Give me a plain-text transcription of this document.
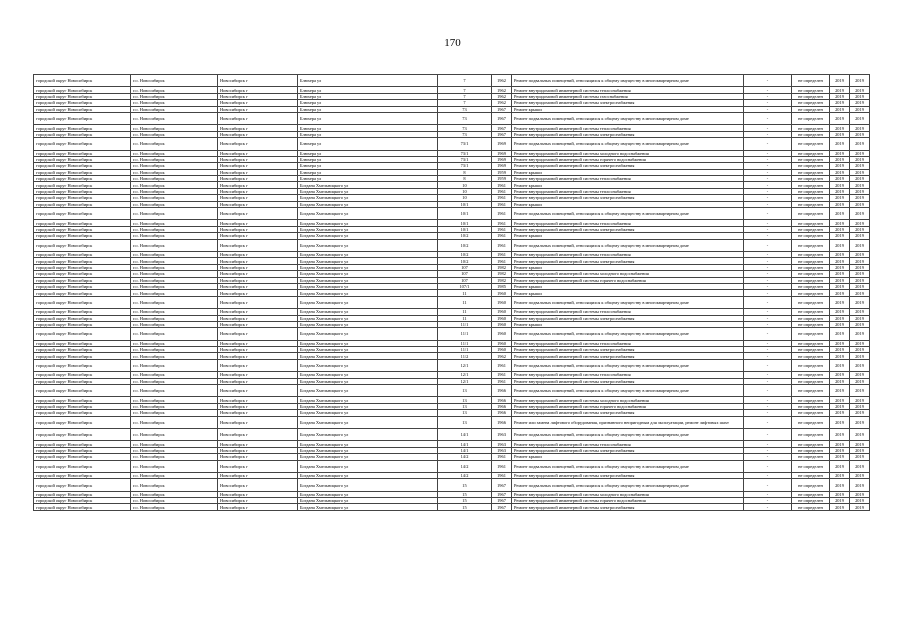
170
городской округ Новосибирск	г.о. Новосибирск	Новосибирск г	Блюхера ул	7	1962	Ремонт подвальных помещений, относящихся к общему имуществу в многоквартирном доме	-	не определен	2019	2019
городской округ Новосибирск	г.о. Новосибирск	Новосибирск г	Блюхера ул	7	1962	Ремонт внутридомовой инженерной системы теплоснабжения	-	не определен	2019	2019
городской округ Новосибирск	г.о. Новосибирск	Новосибирск г	Блюхера ул	7	1962	Ремонт внутридомовой инженерной системы газоснабжения	-	не определен	2019	2019
городской округ Новосибирск	г.о. Новосибирск	Новосибирск г	Блюхера ул	7	1962	Ремонт внутридомовой инженерной системы электроснабжения	-	не определен	2019	2019
городской округ Новосибирск	г.о. Новосибирск	Новосибирск г	Блюхера ул	73	1967	Ремонт крыши	-	не определен	2019	2019
городской округ Новосибирск	г.о. Новосибирск	Новосибирск г	Блюхера ул	73	1967	Ремонт подвальных помещений, относящихся к общему имуществу в многоквартирном доме	-	не определен	2019	2019
городской округ Новосибирск	г.о. Новосибирск	Новосибирск г	Блюхера ул	73	1967	Ремонт внутридомовой инженерной системы теплоснабжения	-	не определен	2019	2019
городской округ Новосибирск	г.о. Новосибирск	Новосибирск г	Блюхера ул	73	1967	Ремонт внутридомовой инженерной системы электроснабжения	-	не определен	2019	2019
городской округ Новосибирск	г.о. Новосибирск	Новосибирск г	Блюхера ул	73/1	1969	Ремонт подвальных помещений, относящихся к общему имуществу в многоквартирном доме	-	не определен	2019	2019
городской округ Новосибирск	г.о. Новосибирск	Новосибирск г	Блюхера ул	73/1	1969	Ремонт внутридомовой инженерной системы холодного водоснабжения	-	не определен	2019	2019
городской округ Новосибирск	г.о. Новосибирск	Новосибирск г	Блюхера ул	73/1	1969	Ремонт внутридомовой инженерной системы горячего водоснабжения	-	не определен	2019	2019
городской округ Новосибирск	г.о. Новосибирск	Новосибирск г	Блюхера ул	73/1	1969	Ремонт внутридомовой инженерной системы электроснабжения	-	не определен	2019	2019
городской округ Новосибирск	г.о. Новосибирск	Новосибирск г	Блюхера ул	8	1959	Ремонт крыши	-	не определен	2019	2019
городской округ Новосибирск	г.о. Новосибирск	Новосибирск г	Блюхера ул	8	1959	Ремонт внутридомовой инженерной системы теплоснабжения	-	не определен	2019	2019
городской округ Новосибирск	г.о. Новосибирск	Новосибирск г	Богдана Хмельницкого ул	10	1961	Ремонт крыши	-	не определен	2019	2019
городской округ Новосибирск	г.о. Новосибирск	Новосибирск г	Богдана Хмельницкого ул	10	1961	Ремонт внутридомовой инженерной системы теплоснабжения	-	не определен	2019	2019
городской округ Новосибирск	г.о. Новосибирск	Новосибирск г	Богдана Хмельницкого ул	10	1961	Ремонт внутридомовой инженерной системы электроснабжения	-	не определен	2019	2019
городской округ Новосибирск	г.о. Новосибирск	Новосибирск г	Богдана Хмельницкого ул	10/1	1961	Ремонт крыши	-	не определен	2019	2019
городской округ Новосибирск	г.о. Новосибирск	Новосибирск г	Богдана Хмельницкого ул	10/1	1961	Ремонт подвальных помещений, относящихся к общему имуществу в многоквартирном доме	-	не определен	2019	2019
городской округ Новосибирск	г.о. Новосибирск	Новосибирск г	Богдана Хмельницкого ул	10/1	1961	Ремонт внутридомовой инженерной системы теплоснабжения	-	не определен	2019	2019
городской округ Новосибирск	г.о. Новосибирск	Новосибирск г	Богдана Хмельницкого ул	10/1	1961	Ремонт внутридомовой инженерной системы электроснабжения	-	не определен	2019	2019
городской округ Новосибирск	г.о. Новосибирск	Новосибирск г	Богдана Хмельницкого ул	10/2	1961	Ремонт крыши	-	не определен	2019	2019
городской округ Новосибирск	г.о. Новосибирск	Новосибирск г	Богдана Хмельницкого ул	10/2	1961	Ремонт подвальных помещений, относящихся к общему имуществу в многоквартирном доме	-	не определен	2019	2019
городской округ Новосибирск	г.о. Новосибирск	Новосибирск г	Богдана Хмельницкого ул	10/2	1961	Ремонт внутридомовой инженерной системы теплоснабжения	-	не определен	2019	2019
городской округ Новосибирск	г.о. Новосибирск	Новосибирск г	Богдана Хмельницкого ул	10/2	1961	Ремонт внутридомовой инженерной системы электроснабжения	-	не определен	2019	2019
городской округ Новосибирск	г.о. Новосибирск	Новосибирск г	Богдана Хмельницкого ул	107	1982	Ремонт крыши	-	не определен	2019	2019
городской округ Новосибирск	г.о. Новосибирск	Новосибирск г	Богдана Хмельницкого ул	107	1982	Ремонт внутридомовой инженерной системы холодного водоснабжения	-	не определен	2019	2019
городской округ Новосибирск	г.о. Новосибирск	Новосибирск г	Богдана Хмельницкого ул	107	1982	Ремонт внутридомовой инженерной системы горячего водоснабжения	-	не определен	2019	2019
городской округ Новосибирск	г.о. Новосибирск	Новосибирск г	Богдана Хмельницкого ул	107/1	1985	Ремонт крыши	-	не определен	2019	2019
городской округ Новосибирск	г.о. Новосибирск	Новосибирск г	Богдана Хмельницкого ул	11	1960	Ремонт крыши	-	не определен	2019	2019
городской округ Новосибирск	г.о. Новосибирск	Новосибирск г	Богдана Хмельницкого ул	11	1960	Ремонт подвальных помещений, относящихся к общему имуществу в многоквартирном доме	-	не определен	2019	2019
городской округ Новосибирск	г.о. Новосибирск	Новосибирск г	Богдана Хмельницкого ул	11	1960	Ремонт внутридомовой инженерной системы теплоснабжения	-	не определен	2019	2019
городской округ Новосибирск	г.о. Новосибирск	Новосибирск г	Богдана Хмельницкого ул	11	1960	Ремонт внутридомовой инженерной системы электроснабжения	-	не определен	2019	2019
городской округ Новосибирск	г.о. Новосибирск	Новосибирск г	Богдана Хмельницкого ул	11/1	1960	Ремонт крыши	-	не определен	2019	2019
городской округ Новосибирск	г.о. Новосибирск	Новосибирск г	Богдана Хмельницкого ул	11/1	1960	Ремонт подвальных помещений, относящихся к общему имуществу в многоквартирном доме	-	не определен	2019	2019
городской округ Новосибирск	г.о. Новосибирск	Новосибирск г	Богдана Хмельницкого ул	11/1	1960	Ремонт внутридомовой инженерной системы теплоснабжения	-	не определен	2019	2019
городской округ Новосибирск	г.о. Новосибирск	Новосибирск г	Богдана Хмельницкого ул	11/1	1960	Ремонт внутридомовой инженерной системы электроснабжения	-	не определен	2019	2019
городской округ Новосибирск	г.о. Новосибирск	Новосибирск г	Богдана Хмельницкого ул	11/2	1962	Ремонт внутридомовой инженерной системы электроснабжения	-	не определен	2019	2019
городской округ Новосибирск	г.о. Новосибирск	Новосибирск г	Богдана Хмельницкого ул	12/1	1961	Ремонт подвальных помещений, относящихся к общему имуществу в многоквартирном доме	-	не определен	2019	2019
городской округ Новосибирск	г.о. Новосибирск	Новосибирск г	Богдана Хмельницкого ул	12/1	1961	Ремонт внутридомовой инженерной системы теплоснабжения	-	не определен	2019	2019
городской округ Новосибирск	г.о. Новосибирск	Новосибирск г	Богдана Хмельницкого ул	12/1	1961	Ремонт внутридомовой инженерной системы электроснабжения	-	не определен	2019	2019
городской округ Новосибирск	г.о. Новосибирск	Новосибирск г	Богдана Хмельницкого ул	13	1966	Ремонт подвальных помещений, относящихся к общему имуществу в многоквартирном доме	-	не определен	2019	2019
городской округ Новосибирск	г.о. Новосибирск	Новосибирск г	Богдана Хмельницкого ул	13	1966	Ремонт внутридомовой инженерной системы холодного водоснабжения	-	не определен	2019	2019
городской округ Новосибирск	г.о. Новосибирск	Новосибирск г	Богдана Хмельницкого ул	13	1966	Ремонт внутридомовой инженерной системы горячего водоснабжения	-	не определен	2019	2019
городской округ Новосибирск	г.о. Новосибирск	Новосибирск г	Богдана Хмельницкого ул	13	1966	Ремонт внутридомовой инженерной системы электроснабжения	-	не определен	2019	2019
городской округ Новосибирск	г.о. Новосибирск	Новосибирск г	Богдана Хмельницкого ул	13	1966	Ремонт или замена лифтового оборудования, признанного непригодным для эксплуатации, ремонт лифтовых шахт	-	не определен	2019	2019
городской округ Новосибирск	г.о. Новосибирск	Новосибирск г	Богдана Хмельницкого ул	14/1	1963	Ремонт подвальных помещений, относящихся к общему имуществу в многоквартирном доме	-	не определен	2019	2019
городской округ Новосибирск	г.о. Новосибирск	Новосибирск г	Богдана Хмельницкого ул	14/1	1963	Ремонт внутридомовой инженерной системы теплоснабжения	-	не определен	2019	2019
городской округ Новосибирск	г.о. Новосибирск	Новосибирск г	Богдана Хмельницкого ул	14/1	1963	Ремонт внутридомовой инженерной системы электроснабжения	-	не определен	2019	2019
городской округ Новосибирск	г.о. Новосибирск	Новосибирск г	Богдана Хмельницкого ул	14/2	1961	Ремонт крыши	-	не определен	2019	2019
городской округ Новосибирск	г.о. Новосибирск	Новосибирск г	Богдана Хмельницкого ул	14/2	1961	Ремонт подвальных помещений, относящихся к общему имуществу в многоквартирном доме	-	не определен	2019	2019
городской округ Новосибирск	г.о. Новосибирск	Новосибирск г	Богдана Хмельницкого ул	14/2	1961	Ремонт внутридомовой инженерной системы электроснабжения	-	не определен	2019	2019
городской округ Новосибирск	г.о. Новосибирск	Новосибирск г	Богдана Хмельницкого ул	15	1967	Ремонт подвальных помещений, относящихся к общему имуществу в многоквартирном доме	-	не определен	2019	2019
городской округ Новосибирск	г.о. Новосибирск	Новосибирск г	Богдана Хмельницкого ул	15	1967	Ремонт внутридомовой инженерной системы холодного водоснабжения	-	не определен	2019	2019
городской округ Новосибирск	г.о. Новосибирск	Новосибирск г	Богдана Хмельницкого ул	15	1967	Ремонт внутридомовой инженерной системы горячего водоснабжения	-	не определен	2019	2019
городской округ Новосибирск	г.о. Новосибирск	Новосибирск г	Богдана Хмельницкого ул	15	1967	Ремонт внутридомовой инженерной системы электроснабжения	-	не определен	2019	2019
